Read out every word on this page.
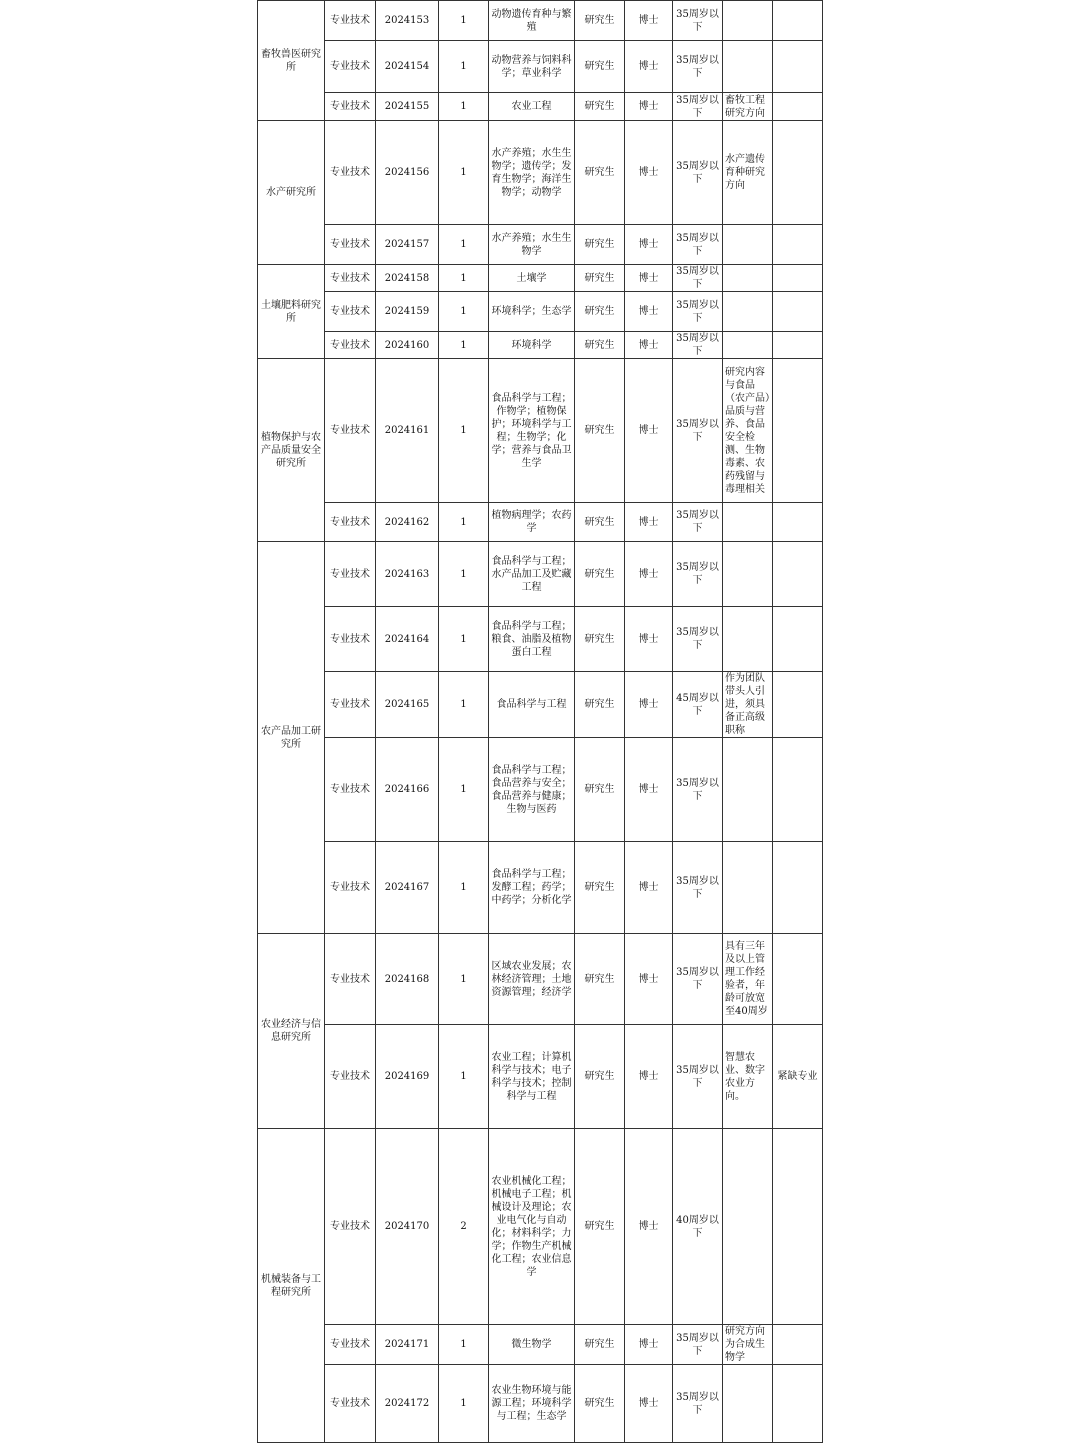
畜牧兽医研究所	专业技术	2024153	1	动物遗传育种与繁殖	研究生	博士	35周岁以下		
	专业技术	2024154	1	动物营养与饲料科学；草业科学	研究生	博士	35周岁以下		
	专业技术	2024155	1	农业工程	研究生	博士	35周岁以下	畜牧工程研究方向	
水产研究所	专业技术	2024156	1	水产养殖；水生生物学；遗传学；发育生物学；海洋生物学；动物学	研究生	博士	35周岁以下	水产遗传育种研究方向	
	专业技术	2024157	1	水产养殖；水生生物学	研究生	博士	35周岁以下		
土壤肥料研究所	专业技术	2024158	1	土壤学	研究生	博士	35周岁以下		
	专业技术	2024159	1	环境科学；生态学	研究生	博士	35周岁以下		
	专业技术	2024160	1	环境科学	研究生	博士	35周岁以下		
植物保护与农产品质量安全研究所	专业技术	2024161	1	食品科学与工程；作物学；植物保护；环境科学与工程；生物学；化学；营养与食品卫生学	研究生	博士	35周岁以下	研究内容与食品（农产品）品质与营养、食品安全检测、生物毒素、农药残留与毒理相关	
	专业技术	2024162	1	植物病理学；农药学	研究生	博士	35周岁以下		
农产品加工研究所	专业技术	2024163	1	食品科学与工程；水产品加工及贮藏工程	研究生	博士	35周岁以下		
	专业技术	2024164	1	食品科学与工程；粮食、油脂及植物蛋白工程	研究生	博士	35周岁以下		
	专业技术	2024165	1	食品科学与工程	研究生	博士	45周岁以下	作为团队带头人引进，须具备正高级职称	
	专业技术	2024166	1	食品科学与工程；食品营养与安全；食品营养与健康；生物与医药	研究生	博士	35周岁以下		
	专业技术	2024167	1	食品科学与工程；发酵工程；药学；中药学；分析化学	研究生	博士	35周岁以下		
农业经济与信息研究所	专业技术	2024168	1	区域农业发展；农林经济管理；土地资源管理；经济学	研究生	博士	35周岁以下	具有三年及以上管理工作经验者，年龄可放宽至40周岁	
	专业技术	2024169	1	农业工程；计算机科学与技术；电子科学与技术；控制科学与工程	研究生	博士	35周岁以下	智慧农业、数字农业方向。	紧缺专业
机械装备与工程研究所	专业技术	2024170	2	农业机械化工程；机械电子工程；机械设计及理论；农业电气化与自动化；材料科学；力学；作物生产机械化工程；农业信息学	研究生	博士	40周岁以下		
	专业技术	2024171	1	微生物学	研究生	博士	35周岁以下	研究方向为合成生物学	
	专业技术	2024172	1	农业生物环境与能源工程；环境科学与工程；生态学	研究生	博士	35周岁以下		
